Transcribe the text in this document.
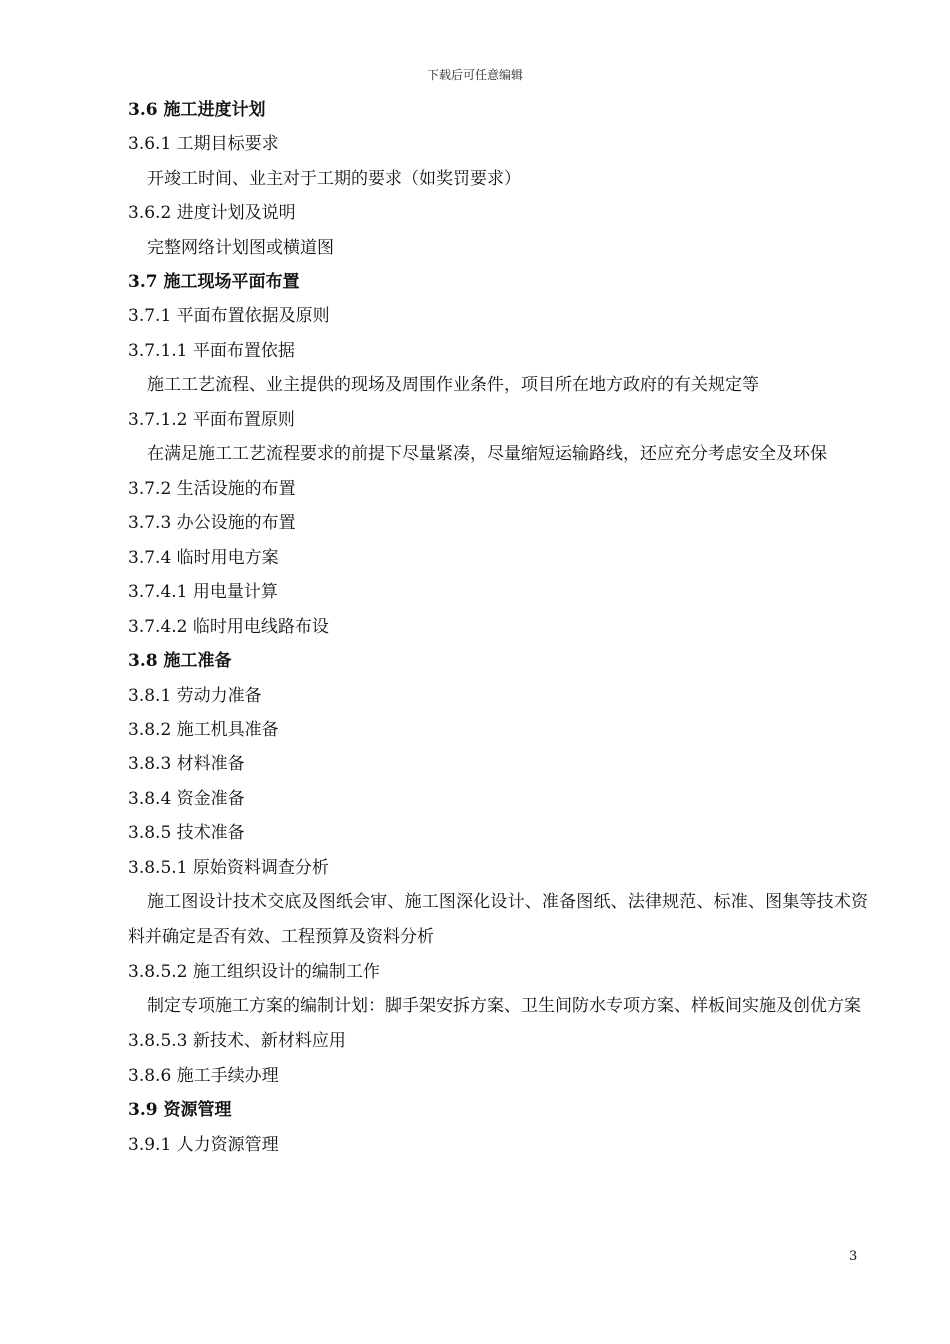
下载后可任意编辑
3.6 施工进度计划
3.6.1 工期目标要求
开竣工时间、业主对于工期的要求（如奖罚要求）
3.6.2 进度计划及说明
完整网络计划图或横道图
3.7 施工现场平面布置
3.7.1 平面布置依据及原则
3.7.1.1 平面布置依据
施工工艺流程、业主提供的现场及周围作业条件，项目所在地方政府的有关规定等
3.7.1.2 平面布置原则
在满足施工工艺流程要求的前提下尽量紧凑，尽量缩短运输路线，还应充分考虑安全及环保
3.7.2 生活设施的布置
3.7.3 办公设施的布置
3.7.4 临时用电方案
3.7.4.1 用电量计算
3.7.4.2 临时用电线路布设
3.8 施工准备
3.8.1 劳动力准备
3.8.2 施工机具准备
3.8.3 材料准备
3.8.4 资金准备
3.8.5 技术准备
3.8.5.1 原始资料调查分析
施工图设计技术交底及图纸会审、施工图深化设计、准备图纸、法律规范、标准、图集等技术资料并确定是否有效、工程预算及资料分析
3.8.5.2 施工组织设计的编制工作
制定专项施工方案的编制计划：脚手架安拆方案、卫生间防水专项方案、样板间实施及创优方案
3.8.5.3 新技术、新材料应用
3.8.6 施工手续办理
3.9 资源管理
3.9.1 人力资源管理
3
